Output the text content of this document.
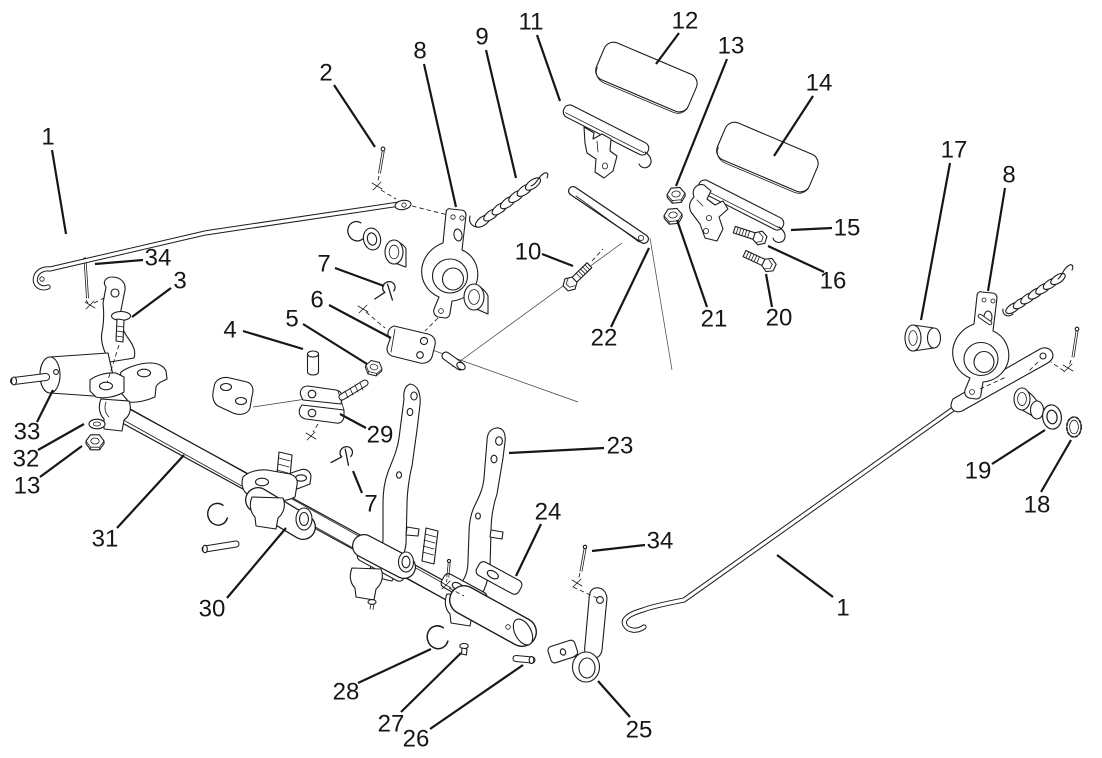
1
2
8
9
11	12
13
14
17
8
10
34
3
7
6
5
4
15
16
20
21
22
33
32
13
31
30
29
7
23
24
34
19
18
1
25
28
27
26
